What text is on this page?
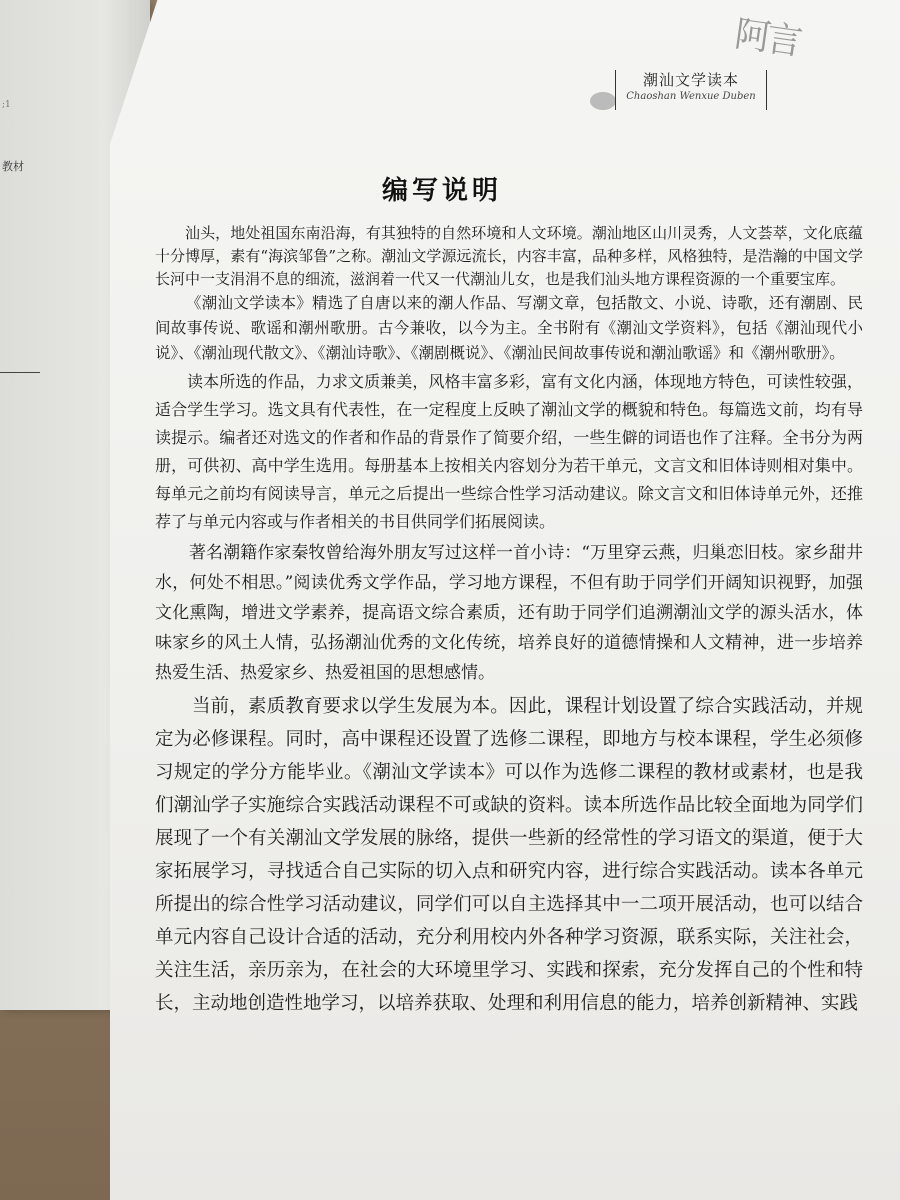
;1
教材
潮汕文学读本
Chaoshan Wenxue Duben
阿言
编写说明

汕头，地处祖国东南沿海，有其独特的自然环境和人文环境。潮汕地区山川灵秀，人文荟萃，文化底蕴十分博厚，素有“海滨邹鲁”之称。潮汕文学源远流长，内容丰富，品种多样，风格独特，是浩瀚的中国文学长河中一支涓涓不息的细流，滋润着一代又一代潮汕儿女，也是我们汕头地方课程资源的一个重要宝库。

《潮汕文学读本》精选了自唐以来的潮人作品、写潮文章，包括散文、小说、诗歌，还有潮剧、民间故事传说、歌谣和潮州歌册。古今兼收，以今为主。全书附有《潮汕文学资料》，包括《潮汕现代小说》、《潮汕现代散文》、《潮汕诗歌》、《潮剧概说》、《潮汕民间故事传说和潮汕歌谣》和《潮州歌册》。

读本所选的作品，力求文质兼美，风格丰富多彩，富有文化内涵，体现地方特色，可读性较强，适合学生学习。选文具有代表性，在一定程度上反映了潮汕文学的概貌和特色。每篇选文前，均有导读提示。编者还对选文的作者和作品的背景作了简要介绍，一些生僻的词语也作了注释。全书分为两册，可供初、高中学生选用。每册基本上按相关内容划分为若干单元，文言文和旧体诗则相对集中。每单元之前均有阅读导言，单元之后提出一些综合性学习活动建议。除文言文和旧体诗单元外，还推荐了与单元内容或与作者相关的书目供同学们拓展阅读。

著名潮籍作家秦牧曾给海外朋友写过这样一首小诗：“万里穿云燕，归巢恋旧枝。家乡甜井水，何处不相思。”阅读优秀文学作品，学习地方课程，不但有助于同学们开阔知识视野，加强文化熏陶，增进文学素养，提高语文综合素质，还有助于同学们追溯潮汕文学的源头活水，体味家乡的风土人情，弘扬潮汕优秀的文化传统，培养良好的道德情操和人文精神，进一步培养热爱生活、热爱家乡、热爱祖国的思想感情。

当前，素质教育要求以学生发展为本。因此，课程计划设置了综合实践活动，并规定为必修课程。同时，高中课程还设置了选修二课程，即地方与校本课程，学生必须修习规定的学分方能毕业。《潮汕文学读本》可以作为选修二课程的教材或素材，也是我们潮汕学子实施综合实践活动课程不可或缺的资料。读本所选作品比较全面地为同学们展现了一个有关潮汕文学发展的脉络，提供一些新的经常性的学习语文的渠道，便于大家拓展学习，寻找适合自己实际的切入点和研究内容，进行综合实践活动。读本各单元所提出的综合性学习活动建议，同学们可以自主选择其中一二项开展活动，也可以结合单元内容自己设计合适的活动，充分利用校内外各种学习资源，联系实际，关注社会，关注生活，亲历亲为，在社会的大环境里学习、实践和探索，充分发挥自己的个性和特长，主动地创造性地学习，以培养获取、处理和利用信息的能力，培养创新精神、实践
